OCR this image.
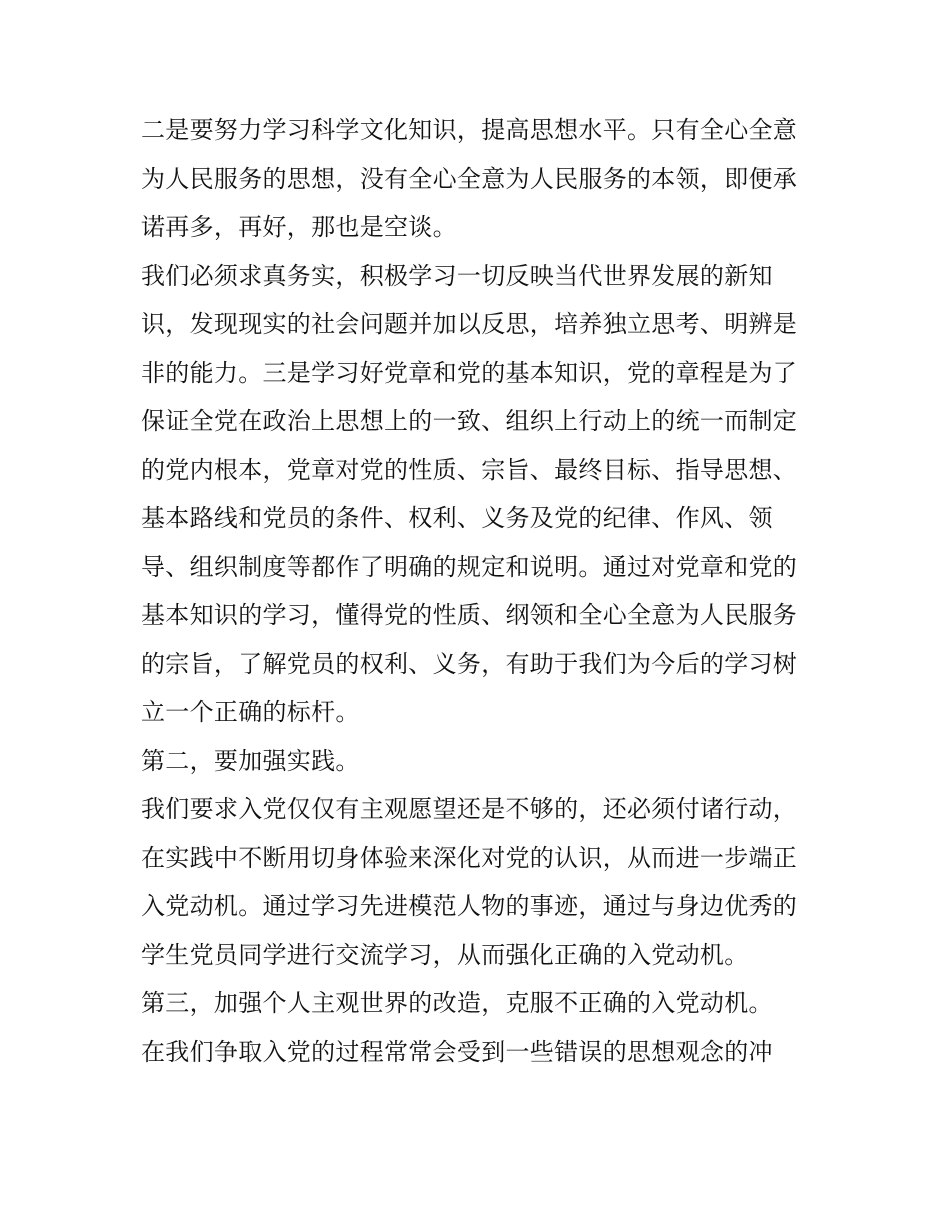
二是要努力学习科学文化知识，提高思想水平。只有全心全意
为人民服务的思想，没有全心全意为人民服务的本领，即便承
诺再多，再好，那也是空谈。
我们必须求真务实，积极学习一切反映当代世界发展的新知
识，发现现实的社会问题并加以反思，培养独立思考、明辨是
非的能力。三是学习好党章和党的基本知识，党的章程是为了
保证全党在政治上思想上的一致、组织上行动上的统一而制定
的党内根本，党章对党的性质、宗旨、最终目标、指导思想、
基本路线和党员的条件、权利、义务及党的纪律、作风、领
导、组织制度等都作了明确的规定和说明。通过对党章和党的
基本知识的学习，懂得党的性质、纲领和全心全意为人民服务
的宗旨，了解党员的权利、义务，有助于我们为今后的学习树
立一个正确的标杆。
第二，要加强实践。
我们要求入党仅仅有主观愿望还是不够的，还必须付诸行动，
在实践中不断用切身体验来深化对党的认识，从而进一步端正
入党动机。通过学习先进模范人物的事迹，通过与身边优秀的
学生党员同学进行交流学习，从而强化正确的入党动机。
第三，加强个人主观世界的改造，克服不正确的入党动机。
在我们争取入党的过程常常会受到一些错误的思想观念的冲
